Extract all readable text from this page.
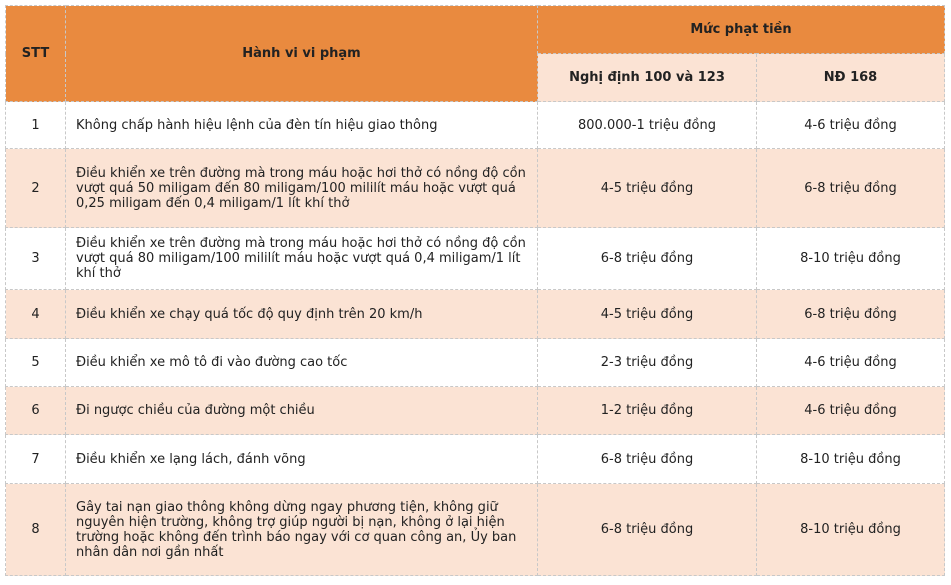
STT	Hành vi vi phạm	Mức phạt tiền	
		Nghị định 100 và 123	NĐ 168
1	Không chấp hành hiệu lệnh của đèn tín hiệu giao thông	800.000-1 triệu đồng	4-6 triệu đồng
2	Điều khiển xe trên đường mà trong máu hoặc hơi thở có nồng độ cồn vượt quá 50 miligam đến 80 miligam/100 mililít máu hoặc vượt quá 0,25 miligam đến 0,4 miligam/1 lít khí thở	4-5 triệu đồng	6-8 triệu đồng
3	Điều khiển xe trên đường mà trong máu hoặc hơi thở có nồng độ cồn vượt quá 80 miligam/100 mililít máu hoặc vượt quá 0,4 miligam/1 lít khí thở	6-8 triệu đồng	8-10 triệu đồng
4	Điều khiển xe chạy quá tốc độ quy định trên 20 km/h	4-5 triệu đồng	6-8 triệu đồng
5	Điều khiển xe mô tô đi vào đường cao tốc	2-3 triệu đồng	4-6 triệu đồng
6	Đi ngược chiều của đường một chiều	1-2 triệu đồng	4-6 triệu đồng
7	Điều khiển xe lạng lách, đánh võng	6-8 triệu đồng	8-10 triệu đồng
8	Gây tai nạn giao thông không dừng ngay phương tiện, không giữ nguyên hiện trường, không trợ giúp người bị nạn, không ở lại hiện trường hoặc không đến trình báo ngay với cơ quan công an, Ủy ban nhân dân nơi gần nhất	6-8 triệu đồng	8-10 triệu đồng
